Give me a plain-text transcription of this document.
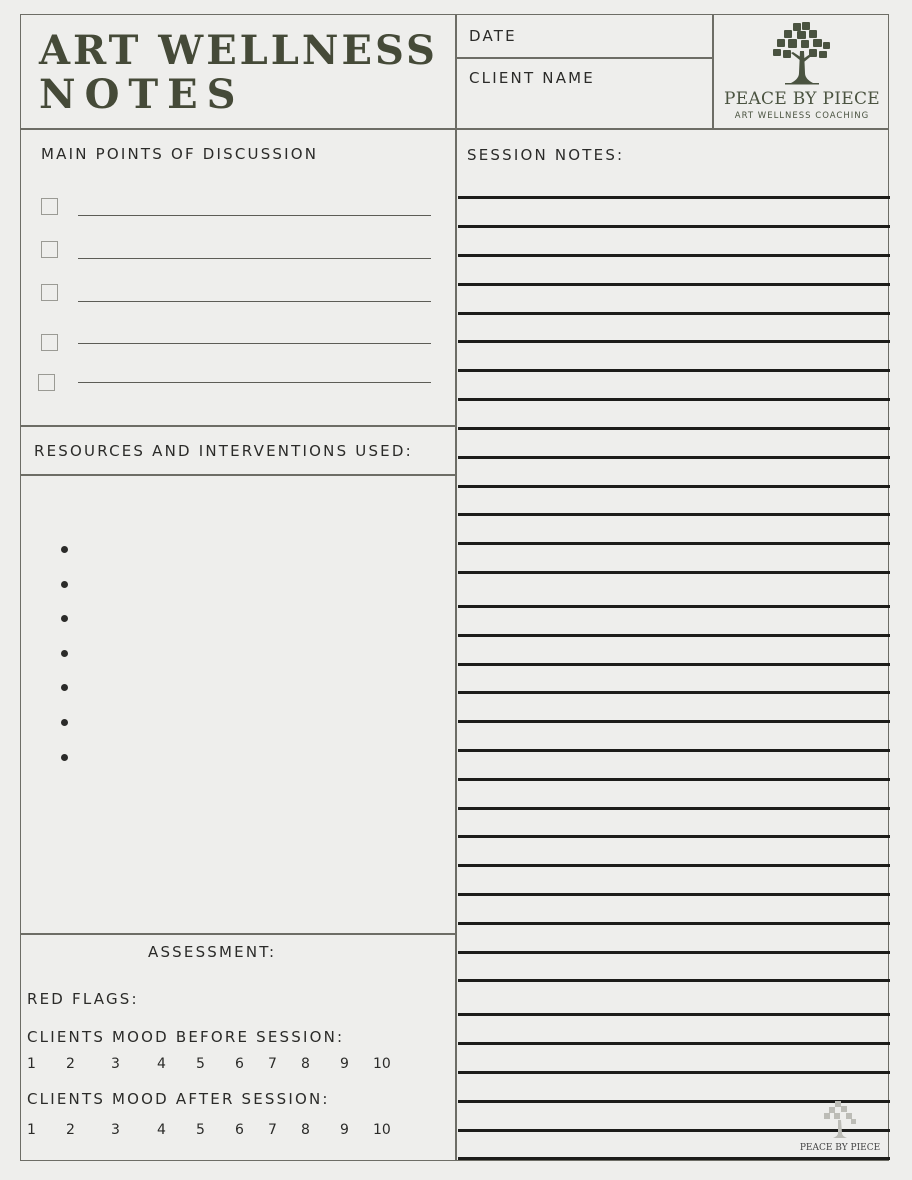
ART WELLNESS
NOTES
DATE
CLIENT NAME
PEACE BY PIECE
ART WELLNESS COACHING
MAIN POINTS OF DISCUSSION
RESOURCES AND INTERVENTIONS USED:
SESSION NOTES:
ASSESSMENT:
RED FLAGS:
CLIENTS MOOD BEFORE SESSION:
1 2	3	4 5 6 7 8 9 10
CLIENTS MOOD AFTER SESSION:
1 2	3	4 5 6 7 8 9 10
PEACE BY PIECE
